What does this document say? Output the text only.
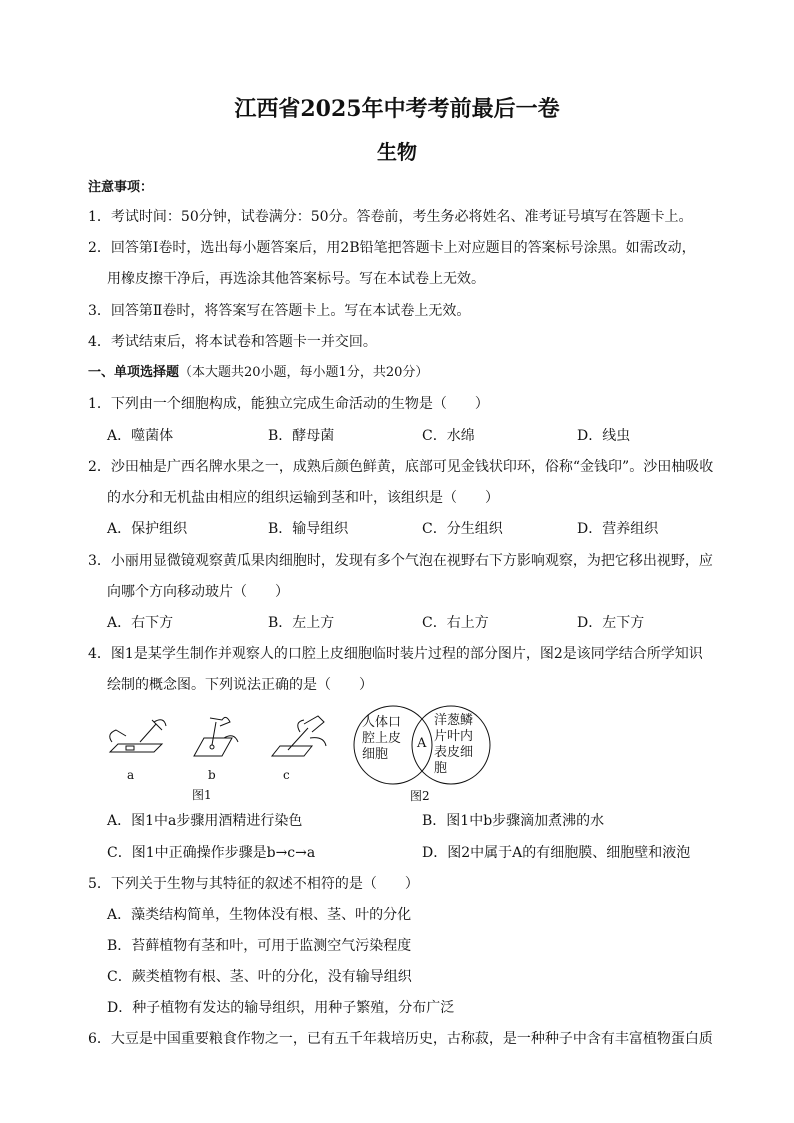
江西省2025年中考考前最后一卷
生物
注意事项：
1．考试时间：50分钟，试卷满分：50分。答卷前，考生务必将姓名、准考证号填写在答题卡上。
2．回答第Ⅰ卷时，选出每小题答案后，用2B铅笔把答题卡上对应题目的答案标号涂黑。如需改动，
用橡皮擦干净后，再选涂其他答案标号。写在本试卷上无效。
3．回答第Ⅱ卷时，将答案写在答题卡上。写在本试卷上无效。
4．考试结束后，将本试卷和答题卡一并交回。
一、单项选择题（本大题共20小题，每小题1分，共20分）
1．下列由一个细胞构成，能独立完成生命活动的生物是（　　）
A．噬菌体	B．酵母菌	C．水绵	D．线虫
2．沙田柚是广西名牌水果之一，成熟后颜色鲜黄，底部可见金钱状印环，俗称“金钱印”。沙田柚吸收
的水分和无机盐由相应的组织运输到茎和叶，该组织是（　　）
A．保护组织	B．输导组织	C．分生组织	D．营养组织
3．小丽用显微镜观察黄瓜果肉细胞时，发现有多个气泡在视野右下方影响观察，为把它移出视野，应
向哪个方向移动玻片（　　）
A．右下方	B．左上方	C．右上方	D．左下方
4．图1是某学生制作并观察人的口腔上皮细胞临时装片过程的部分图片，图2是该同学结合所学知识
绘制的概念图。下列说法正确的是（　　）
a	b	c
图1
人体口
腔上皮
细胞
A
洋葱鳞
片叶内
表皮细
胞
图2
A．图1中a步骤用酒精进行染色	B．图1中b步骤滴加煮沸的水
C．图1中正确操作步骤是b→c→a	D．图2中属于A的有细胞膜、细胞壁和液泡
5．下列关于生物与其特征的叙述不相符的是（　　）
A．藻类结构简单，生物体没有根、茎、叶的分化
B．苔藓植物有茎和叶，可用于监测空气污染程度
C．蕨类植物有根、茎、叶的分化，没有输导组织
D．种子植物有发达的输导组织，用种子繁殖，分布广泛
6．大豆是中国重要粮食作物之一，已有五千年栽培历史，古称菽，是一种种子中含有丰富植物蛋白质
